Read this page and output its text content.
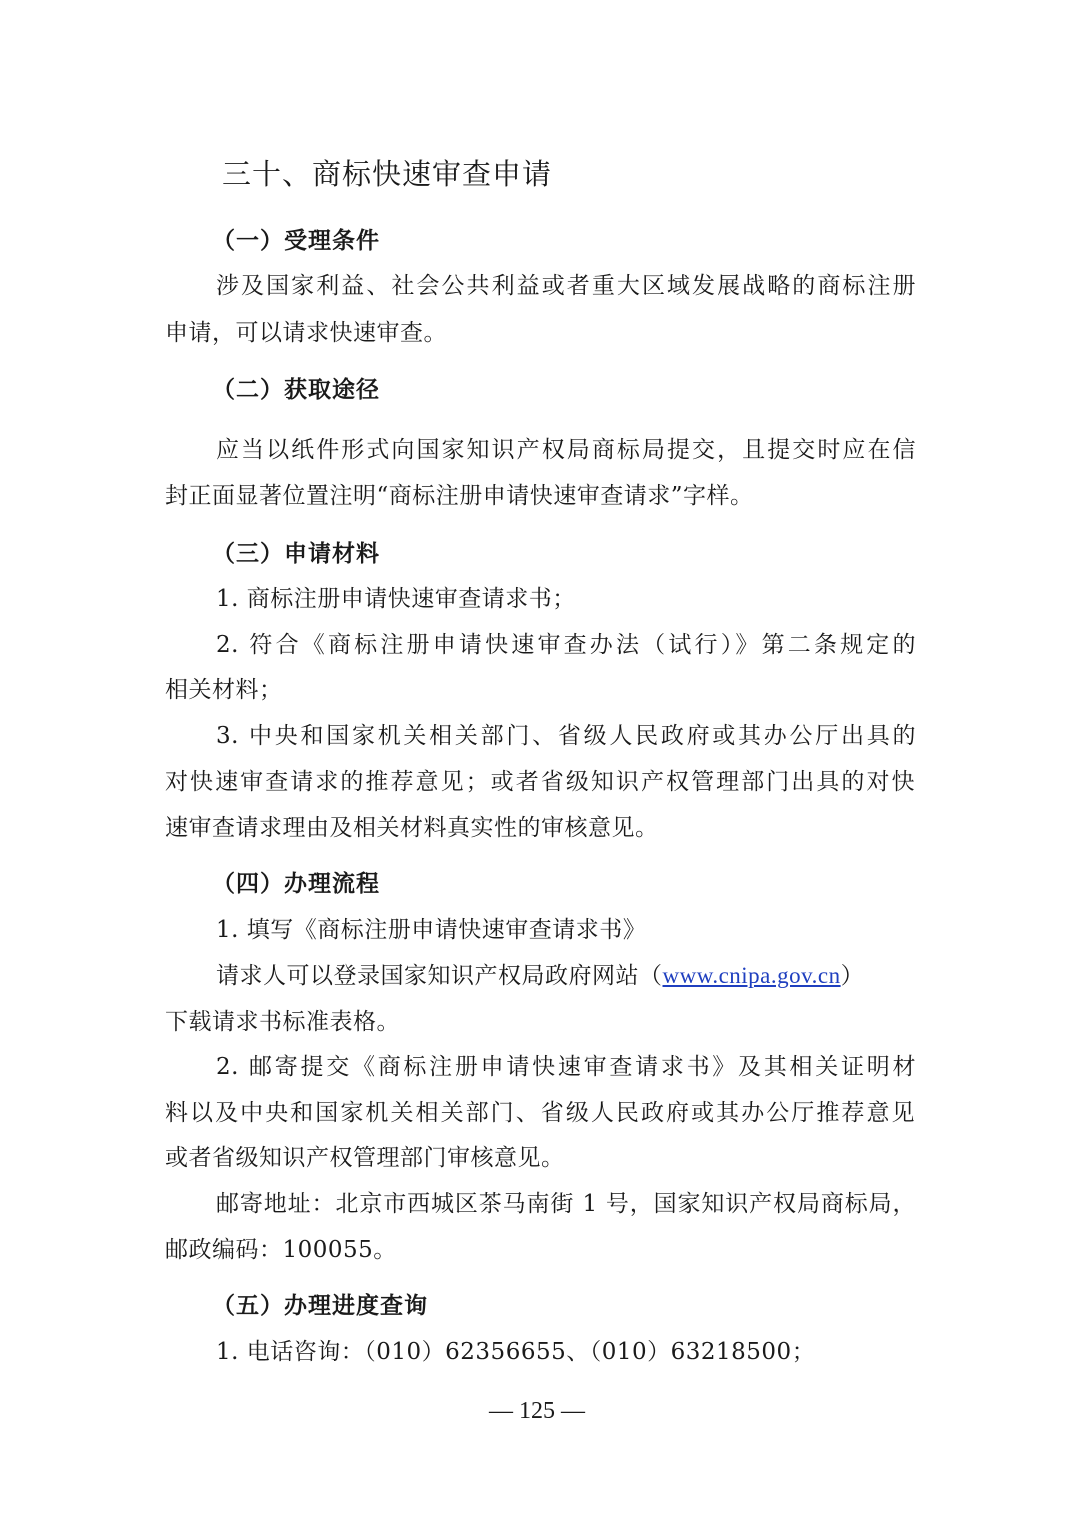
三十、商标快速审查申请
（一）受理条件
涉及国家利益、社会公共利益或者重大区域发展战略的商标注册
申请，可以请求快速审查。
（二）获取途径
应当以纸件形式向国家知识产权局商标局提交，且提交时应在信
封正面显著位置注明“商标注册申请快速审查请求”字样。
（三）申请材料
1. 商标注册申请快速审查请求书；
2. 符合《商标注册申请快速审查办法（试行）》第二条规定的
相关材料；
3. 中央和国家机关相关部门、省级人民政府或其办公厅出具的
对快速审查请求的推荐意见；或者省级知识产权管理部门出具的对快
速审查请求理由及相关材料真实性的审核意见。
（四）办理流程
1. 填写《商标注册申请快速审查请求书》
请求人可以登录国家知识产权局政府网站（www.cnipa.gov.cn）
下载请求书标准表格。
2. 邮寄提交《商标注册申请快速审查请求书》及其相关证明材
料以及中央和国家机关相关部门、省级人民政府或其办公厅推荐意见
或者省级知识产权管理部门审核意见。
邮寄地址：北京市西城区茶马南街 1 号，国家知识产权局商标局，
邮政编码：100055。
（五）办理进度查询
1. 电话咨询：（010）62356655、（010）63218500；
— 125 —
